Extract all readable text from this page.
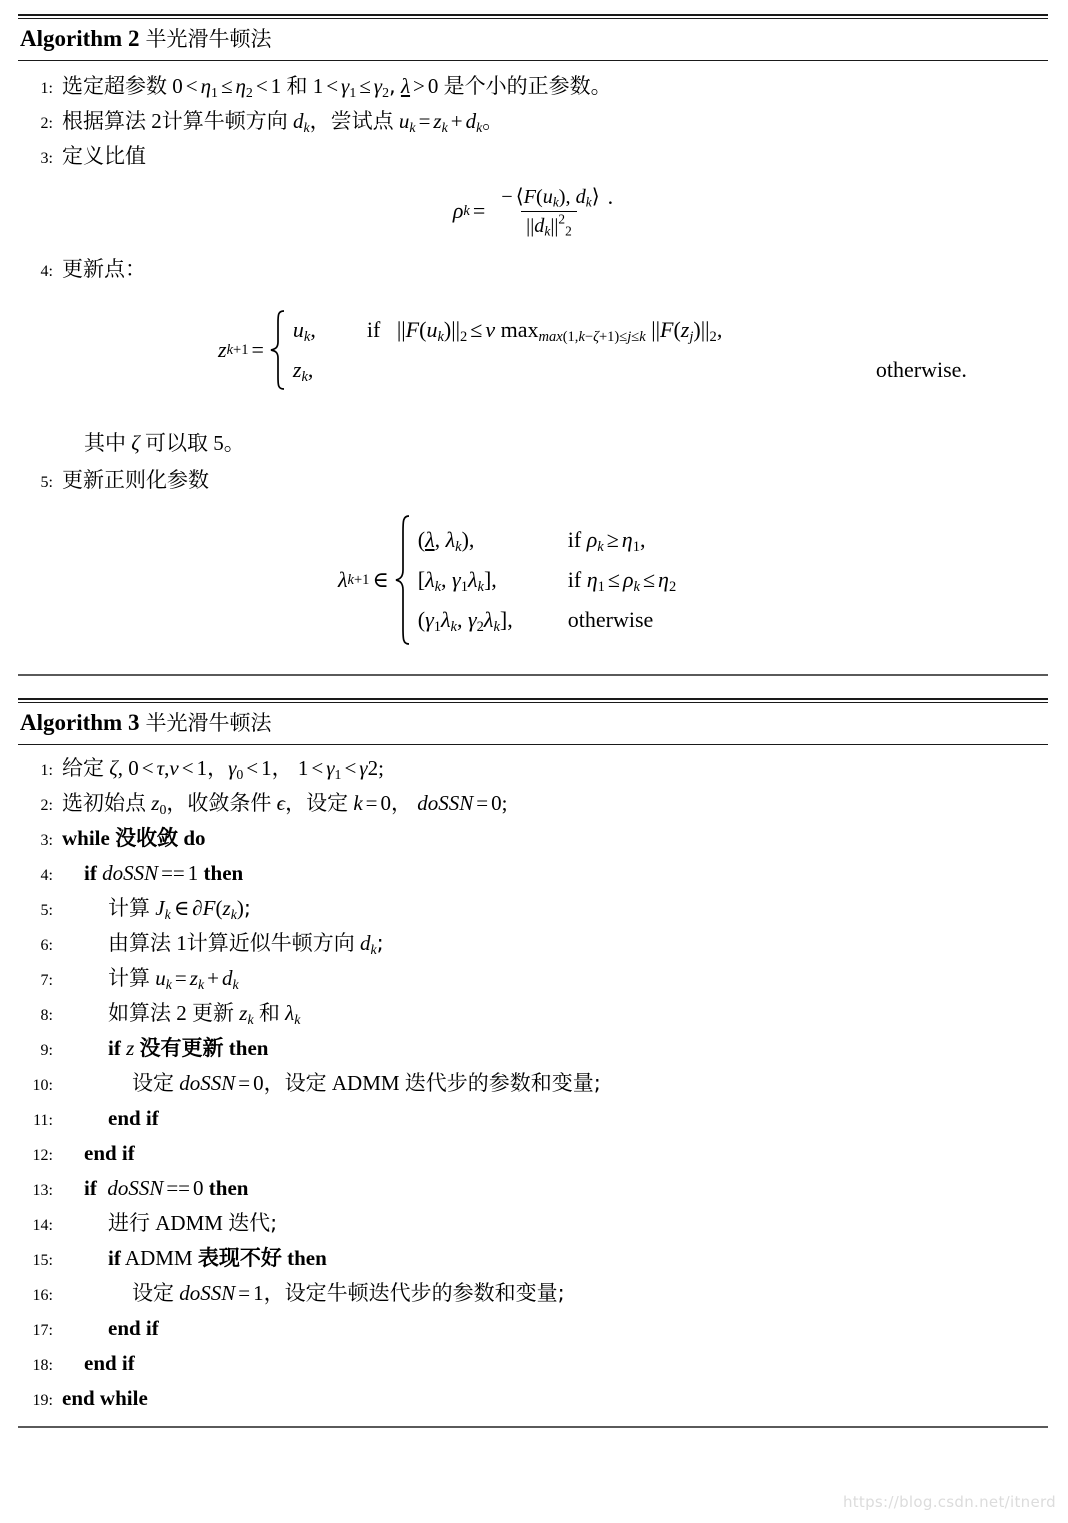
Algorithm 2 半光滑牛顿法
1: 选定超参数 $0 < \eta_1 \le \eta_2 < 1$ 和 $1 < \gamma_1 \le \gamma_2$, λ > 0 是个小的正参数。
2: 根据算法 2计算牛顿方向 $d_k$，尝试点 $u_k = z_k + d_k$。
3: 定义比值
ρ $k = \frac{- ⟨F(u_k), d_k⟩}{||d_k||^2_2}$ .
4: 更新点：
z k+1 =
$u_k$,	if $||F(u_k)||_2 \le \nu$ $\max_{max(1,k-\zeta+1)\le j\le k} ||F(z_j)||_2$,
$z_k$,	otherwise.
其中 ζ 可以取 5。
5: 更新正则化参数
λ k+1 ∈
(λ, $\lambda_k$),	if $\rho_k \ge \eta_1$,
[$\lambda_k$, $\gamma_1\lambda_k$],	if $\eta_1 \le \rho_k \le \eta_2$
($\gamma_1\lambda_k$, $\gamma_2\lambda_k$],	otherwise
Algorithm 3 半光滑牛顿法
1: 给定 ζ, 0 < τ,ν < 1，$\gamma_0 < 1$， $1 < \gamma_1 < \gamma 2$;
2: 选初始点 $z_0$，收敛条件 ϵ，设定 k = 0， doSSN = 0;
3: while 没收敛 do
4:	if doSSN == 1 then
5:	计算 $J_k$ ∈ $\partial F(z_k)$;
6:	由算法 1计算近似牛顿方向 $d_k$;
7:	计算 $u_k = z_k + d_k$
8:	如算法 2 更新 $z_k$ 和 $\lambda_k$
9:	if z 没有更新 then
10:	设定 doSSN = 0，设定 ADMM 迭代步的参数和变量;
11:	end if
12:	end if
13:	if doSSN == 0 then
14:	进行 ADMM 迭代;
15:	if ADMM 表现不好 then
16:	设定 doSSN = 1，设定牛顿迭代步的参数和变量;
17:	end if
18:	end if
19: end while
https://blog.csdn.net/itnerd
